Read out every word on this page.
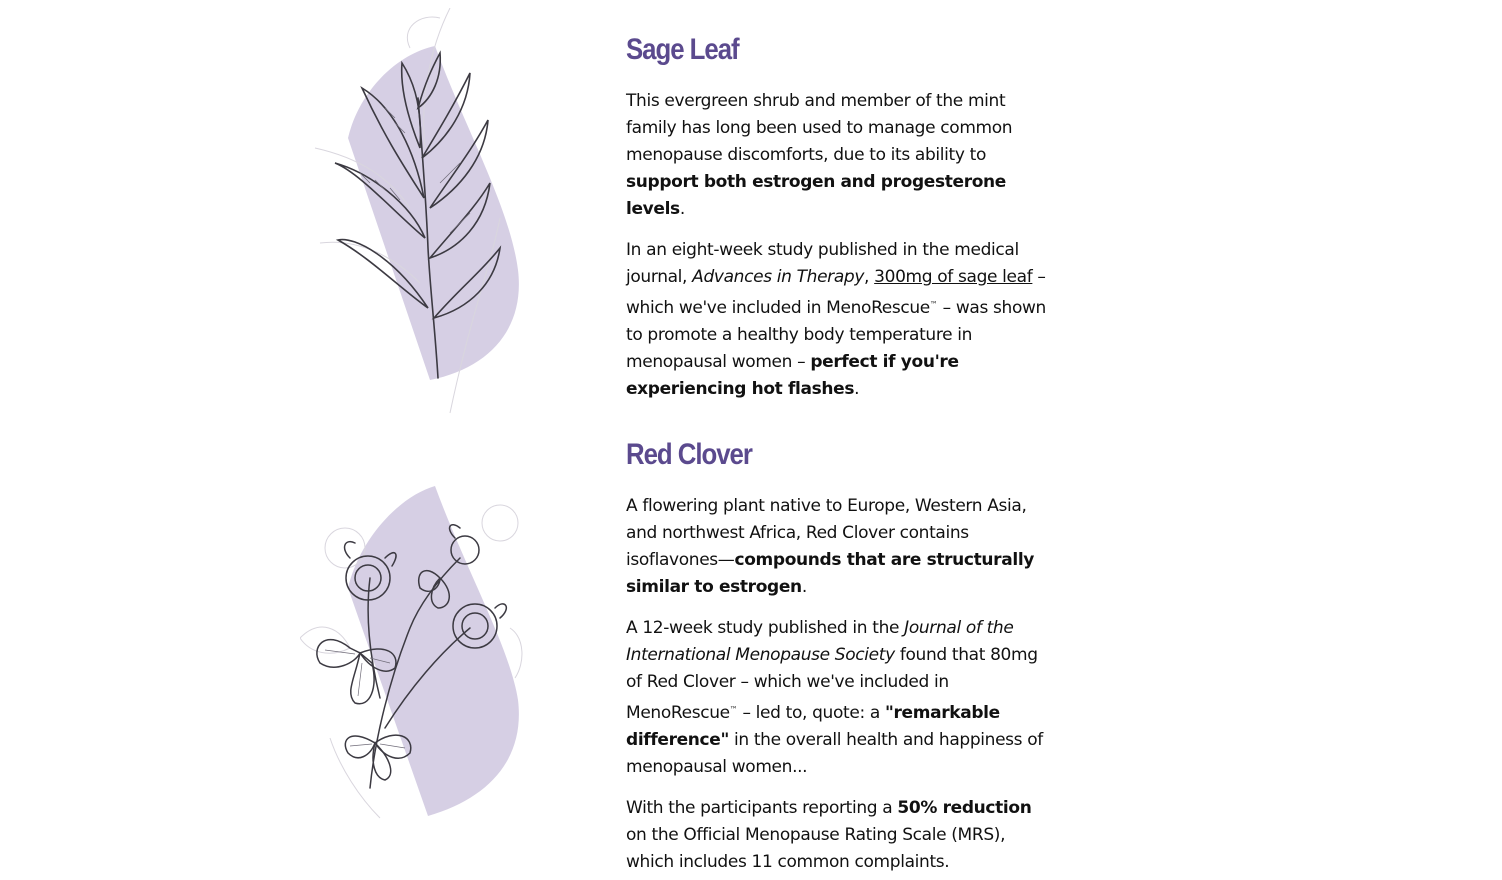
Sage Leaf

This evergreen shrub and member of the mint family has long been used to manage common menopause discomforts, due to its ability to support both estrogen and progesterone levels.

In an eight-week study published in the medical journal, Advances in Therapy, 300mg of sage leaf – which we've included in MenoRescue™ – was shown to promote a healthy body temperature in menopausal women – perfect if you're experiencing hot flashes.

Red Clover

A flowering plant native to Europe, Western Asia, and northwest Africa, Red Clover contains isoflavones—compounds that are structurally similar to estrogen.

A 12-week study published in the Journal of the International Menopause Society found that 80mg of Red Clover – which we've included in MenoRescue™ – led to, quote: a "remarkable difference" in the overall health and happiness of menopausal women...

With the participants reporting a 50% reduction on the Official Menopause Rating Scale (MRS), which includes 11 common complaints.
